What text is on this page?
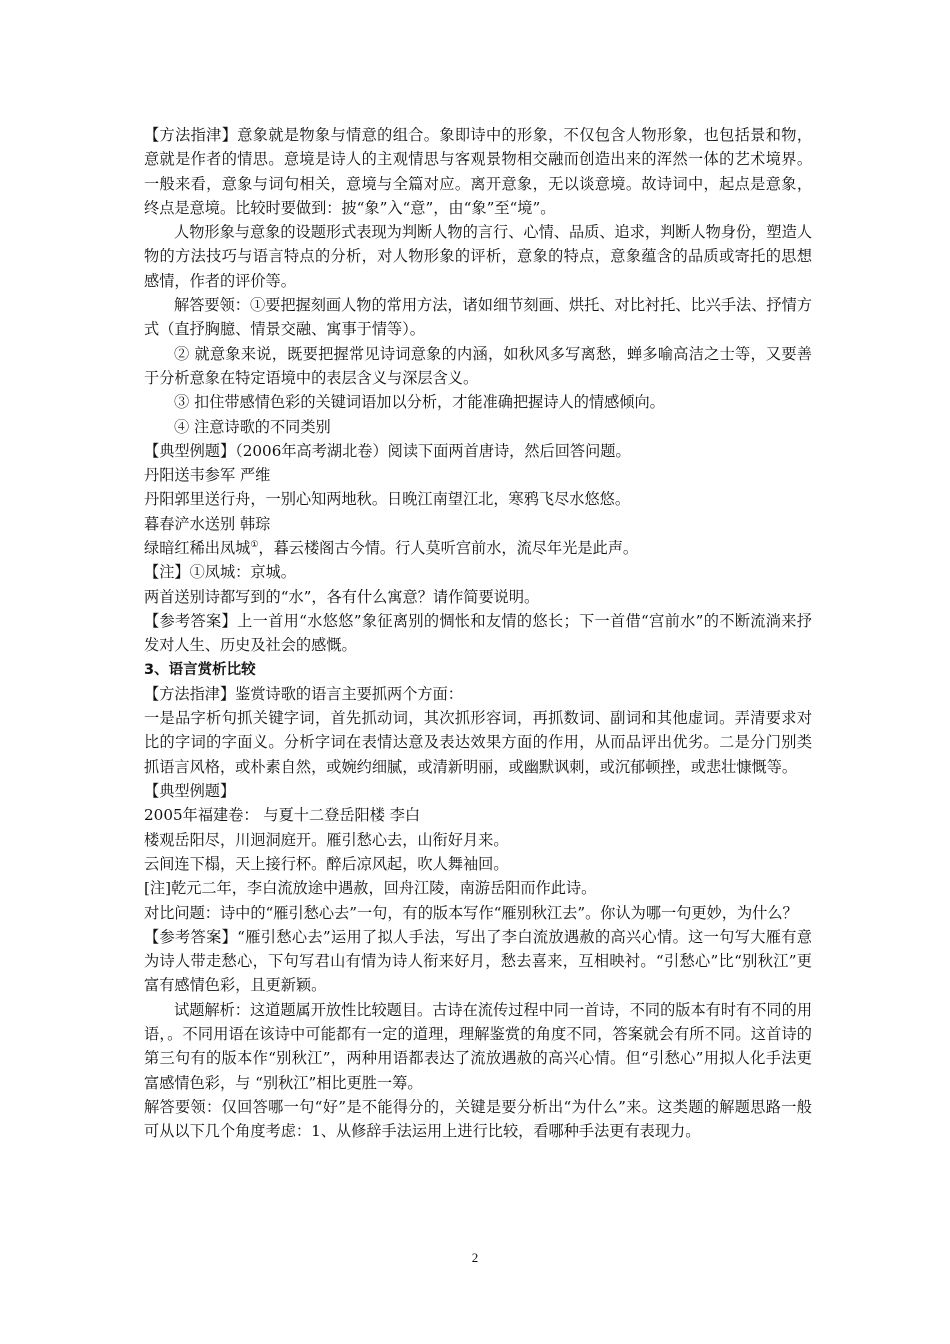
【方法指津】意象就是物象与情意的组合。象即诗中的形象，不仅包含人物形象，也包括景和物，意就是作者的情思。意境是诗人的主观情思与客观景物相交融而创造出来的浑然一体的艺术境界。一般来看，意象与词句相关，意境与全篇对应。离开意象，无以谈意境。故诗词中，起点是意象，终点是意境。比较时要做到：披“象”入“意”，由“象”至“境”。

人物形象与意象的设题形式表现为判断人物的言行、心情、品质、追求，判断人物身份，塑造人物的方法技巧与语言特点的分析，对人物形象的评析，意象的特点，意象蕴含的品质或寄托的思想感情，作者的评价等。

解答要领：①要把握刻画人物的常用方法，诸如细节刻画、烘托、对比衬托、比兴手法、抒情方式（直抒胸臆、情景交融、寓事于情等）。

② 就意象来说，既要把握常见诗词意象的内涵，如秋风多写离愁，蝉多喻高洁之士等，又要善于分析意象在特定语境中的表层含义与深层含义。

③ 扣住带感情色彩的关键词语加以分析，才能准确把握诗人的情感倾向。

④ 注意诗歌的不同类别

【典型例题】（2006年高考湖北卷）阅读下面两首唐诗，然后回答问题。

丹阳送韦参军 严维

丹阳郭里送行舟，一别心知两地秋。日晚江南望江北，寒鸦飞尽水悠悠。

暮春浐水送别 韩琮

绿暗红稀出凤城①，暮云楼阁古今情。行人莫听宫前水，流尽年光是此声。

【注】①凤城：京城。

两首送别诗都写到的“水”，各有什么寓意？请作简要说明。

【参考答案】上一首用“水悠悠”象征离别的惆怅和友情的悠长；下一首借“宫前水”的不断流淌来抒发对人生、历史及社会的感慨。

3、语言赏析比较

【方法指津】鉴赏诗歌的语言主要抓两个方面：

一是品字析句抓关键字词，首先抓动词，其次抓形容词，再抓数词、副词和其他虚词。弄清要求对比的字词的字面义。分析字词在表情达意及表达效果方面的作用，从而品评出优劣。二是分门别类抓语言风格，或朴素自然，或婉约细腻，或清新明丽，或幽默讽刺，或沉郁顿挫，或悲壮慷慨等。

【典型例题】

2005年福建卷： 与夏十二登岳阳楼 李白

楼观岳阳尽，川迥洞庭开。雁引愁心去，山衔好月来。

云间连下榻，天上接行杯。醉后凉风起，吹人舞袖回。

[注]乾元二年，李白流放途中遇赦，回舟江陵，南游岳阳而作此诗。

对比问题：诗中的“雁引愁心去”一句，有的版本写作“雁别秋江去”。你认为哪一句更妙，为什么？

【参考答案】“雁引愁心去”运用了拟人手法，写出了李白流放遇赦的高兴心情。这一句写大雁有意为诗人带走愁心，下句写君山有情为诗人衔来好月，愁去喜来，互相映衬。“引愁心”比“别秋江”更富有感情色彩，且更新颖。

试题解析：这道题属开放性比较题目。古诗在流传过程中同一首诗，不同的版本有时有不同的用语，。不同用语在该诗中可能都有一定的道理，理解鉴赏的角度不同，答案就会有所不同。这首诗的第三句有的版本作“别秋江”，两种用语都表达了流放遇赦的高兴心情。但“引愁心”用拟人化手法更富感情色彩，与 “别秋江”相比更胜一筹。

解答要领：仅回答哪一句“好”是不能得分的，关键是要分析出“为什么”来。这类题的解题思路一般可从以下几个角度考虑：1、从修辞手法运用上进行比较，看哪种手法更有表现力。

2
